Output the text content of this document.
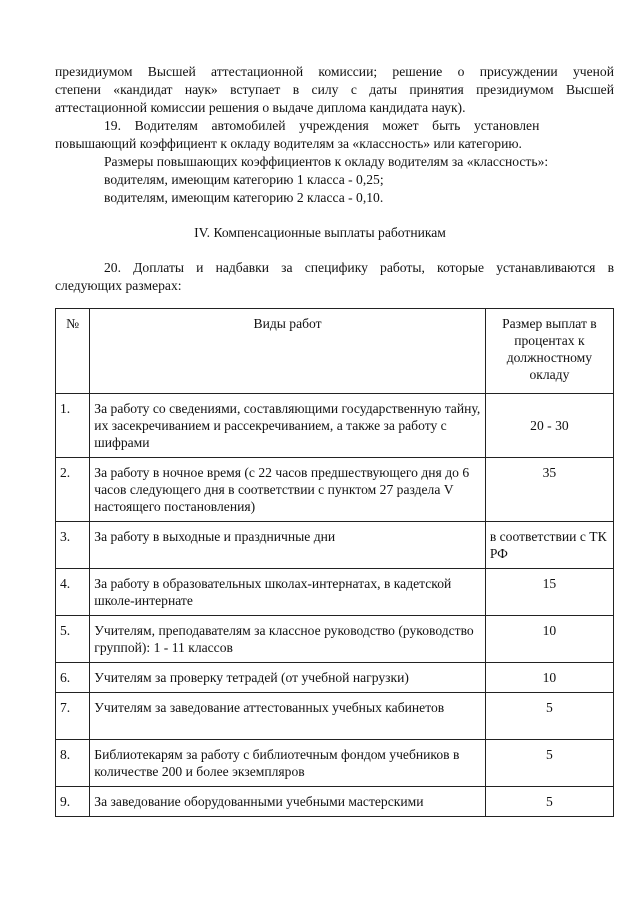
президиумом Высшей аттестационной комиссии; решение о присуждении ученой
степени «кандидат наук» вступает в силу с даты принятия президиумом Высшей
аттестационной комиссии решения о выдаче диплома кандидата наук).
19.    Водителям    автомобилей    учреждения    может    быть    установлен
повышающий коэффициент к окладу водителям за «классность» или категорию.
Размеры повышающих коэффициентов к окладу водителям за «классность»:
водителям, имеющим категорию 1 класса - 0,25;
водителям, имеющим категорию 2 класса - 0,10.
IV. Компенсационные выплаты работникам
20. Доплаты и надбавки за специфику работы, которые устанавливаются в
следующих размерах:
№	Виды работ	Размер выплат в процентах к должностному окладу
1.	За работу со сведениями, составляющими государственную тайну, их засекречиванием и рассекречиванием, а также за работу с шифрами	20 - 30
2.	За работу в ночное время (с 22 часов предшествующего дня до 6 часов следующего дня в соответствии с пунктом 27 раздела V настоящего постановления)	35
3.	За работу в выходные и праздничные дни	в соответствии с ТК РФ
4.	За работу в образовательных школах-интернатах, в кадетской школе-интернате	15
5.	Учителям, преподавателям за классное руководство (руководство группой): 1 - 11 классов	10
6.	Учителям за проверку тетрадей (от учебной нагрузки)	10
7.	Учителям за заведование аттестованных учебных кабинетов	5
8.	Библиотекарям за работу с библиотечным фондом учебников в количестве 200 и более экземпляров	5
9.	За заведование оборудованными учебными мастерскими	5
